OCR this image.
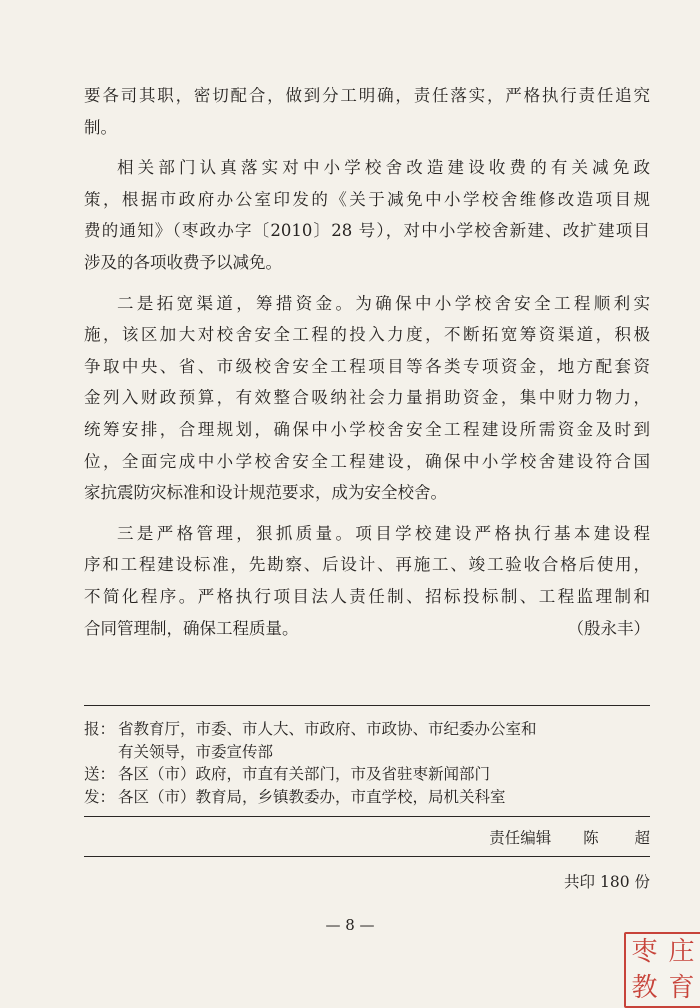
要各司其职，密切配合，做到分工明确，责任落实，严格执行责任追究
制。
相关部门认真落实对中小学校舍改造建设收费的有关减免政
策，根据市政府办公室印发的《关于减免中小学校舍维修改造项目规
费的通知》（枣政办字〔2010〕28 号），对中小学校舍新建、改扩建项目
涉及的各项收费予以减免。
二是拓宽渠道，筹措资金。为确保中小学校舍安全工程顺利实
施，该区加大对校舍安全工程的投入力度，不断拓宽筹资渠道，积极
争取中央、省、市级校舍安全工程项目等各类专项资金，地方配套资
金列入财政预算，有效整合吸纳社会力量捐助资金，集中财力物力，
统筹安排，合理规划，确保中小学校舍安全工程建设所需资金及时到
位，全面完成中小学校舍安全工程建设，确保中小学校舍建设符合国
家抗震防灾标准和设计规范要求，成为安全校舍。
三是严格管理，狠抓质量。项目学校建设严格执行基本建设程
序和工程建设标准，先勘察、后设计、再施工、竣工验收合格后使用，
不简化程序。严格执行项目法人责任制、招标投标制、工程监理制和
合同管理制，确保工程质量。	（殷永丰）
报： 省教育厅，市委、市人大、市政府、市政协、市纪委办公室和
有关领导，市委宣传部
送： 各区（市）政府，市直有关部门，市及省驻枣新闻部门
发： 各区（市）教育局，乡镇教委办，市直学校，局机关科室
责任编辑 陈 超
共印 180 份
— 8 —
枣 庄
教 育
